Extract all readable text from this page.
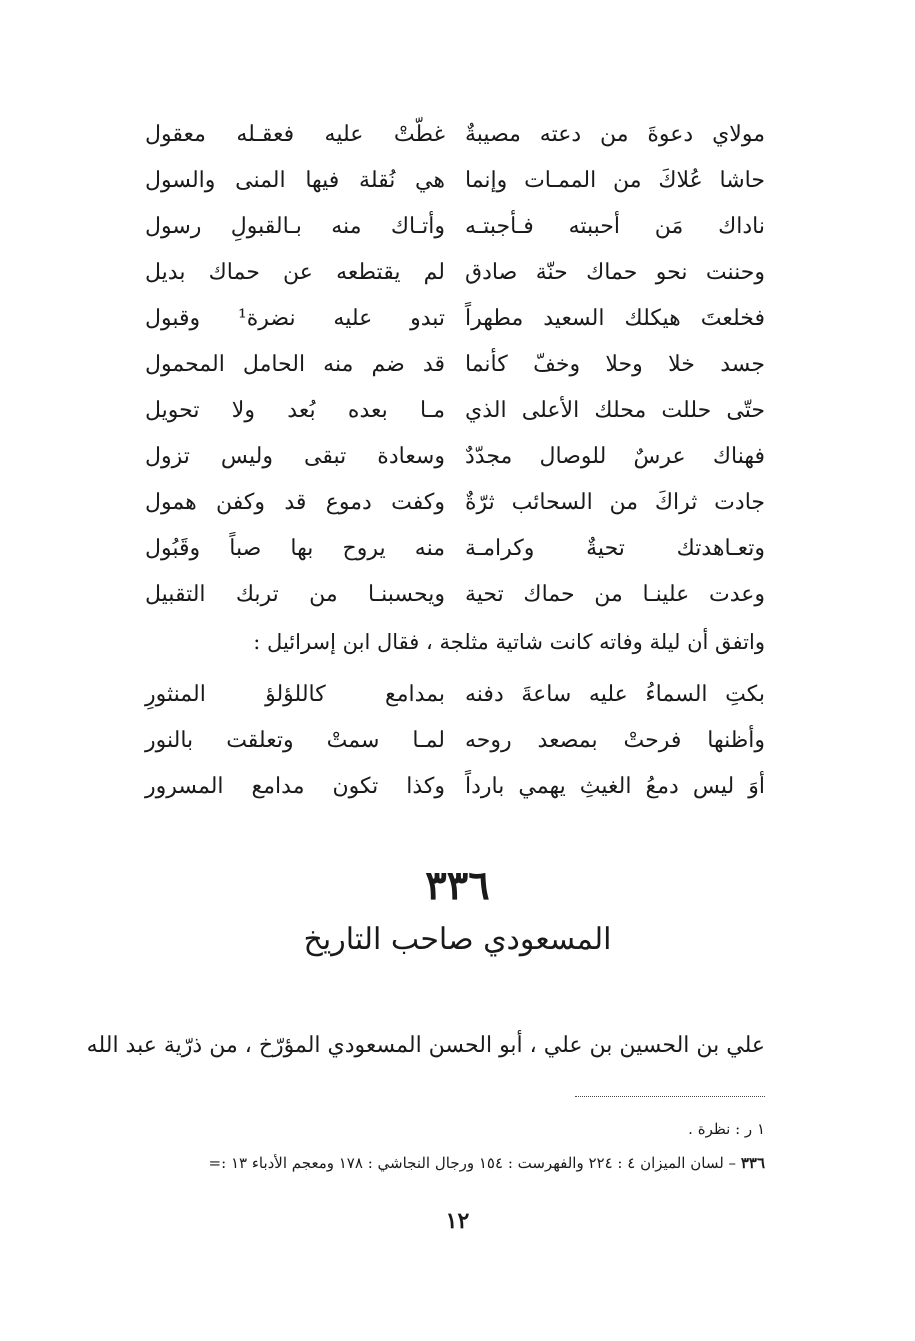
مولاي دعوةَ من دعته مصيبةٌ
غطّتْ عليه فعقـله معقول
حاشا عُلاكَ من الممـات وإنما
هي نُقلة فيها المنى والسول
ناداك مَن أحببته فـأجبتـه
وأتـاك منه بـالقبولِ رسول
وحننت نحو حماك حنّة صادق
لم يقتطعه عن حماك بديل
فخلعتَ هيكلك السعيد مطهراً
تبدو عليه نضرة¹ وقبول
جسد خلا وحلا وخفّ كأنما
قد ضم منه الحامل المحمول
حتّى حللت محلك الأعلى الذي
مـا بعده بُعد ولا تحويل
فهناك عرسٌ للوصال مجدّدٌ
وسعادة تبقى وليس تزول
جادت ثراكَ من السحائب ثرّةٌ
وكفت دموع قد وكفن همول
وتعـاهدتك تحيةٌ وكرامـة
منه يروح بها صباً وقَبُول
وعدت علينـا من حماك تحية
ويحسبنـا من تربك التقبيل
واتفق أن ليلة وفاته كانت شاتية مثلجة ، فقال ابن إسرائيل :
بكتِ السماءُ عليه ساعةَ دفنه
بمدامع كاللؤلؤ المنثورِ
وأظنها فرحتْ بمصعد روحه
لمـا سمتْ وتعلقت بالنور
أوَ ليس دمعُ الغيثِ يهمي بارداً
وكذا تكون مدامع المسرور
٣٣٦
المسعودي صاحب التاريخ
علي بن الحسين بن علي ، أبو الحسن المسعودي المؤرّخ ، من ذرّية عبد الله
١ ر : نظرة .
٣٣٦ – لسان الميزان ٤ : ٢٢٤ والفهرست : ١٥٤ ورجال النجاشي : ١٧٨ ومعجم الأدباء ١٣ :=
١٢
